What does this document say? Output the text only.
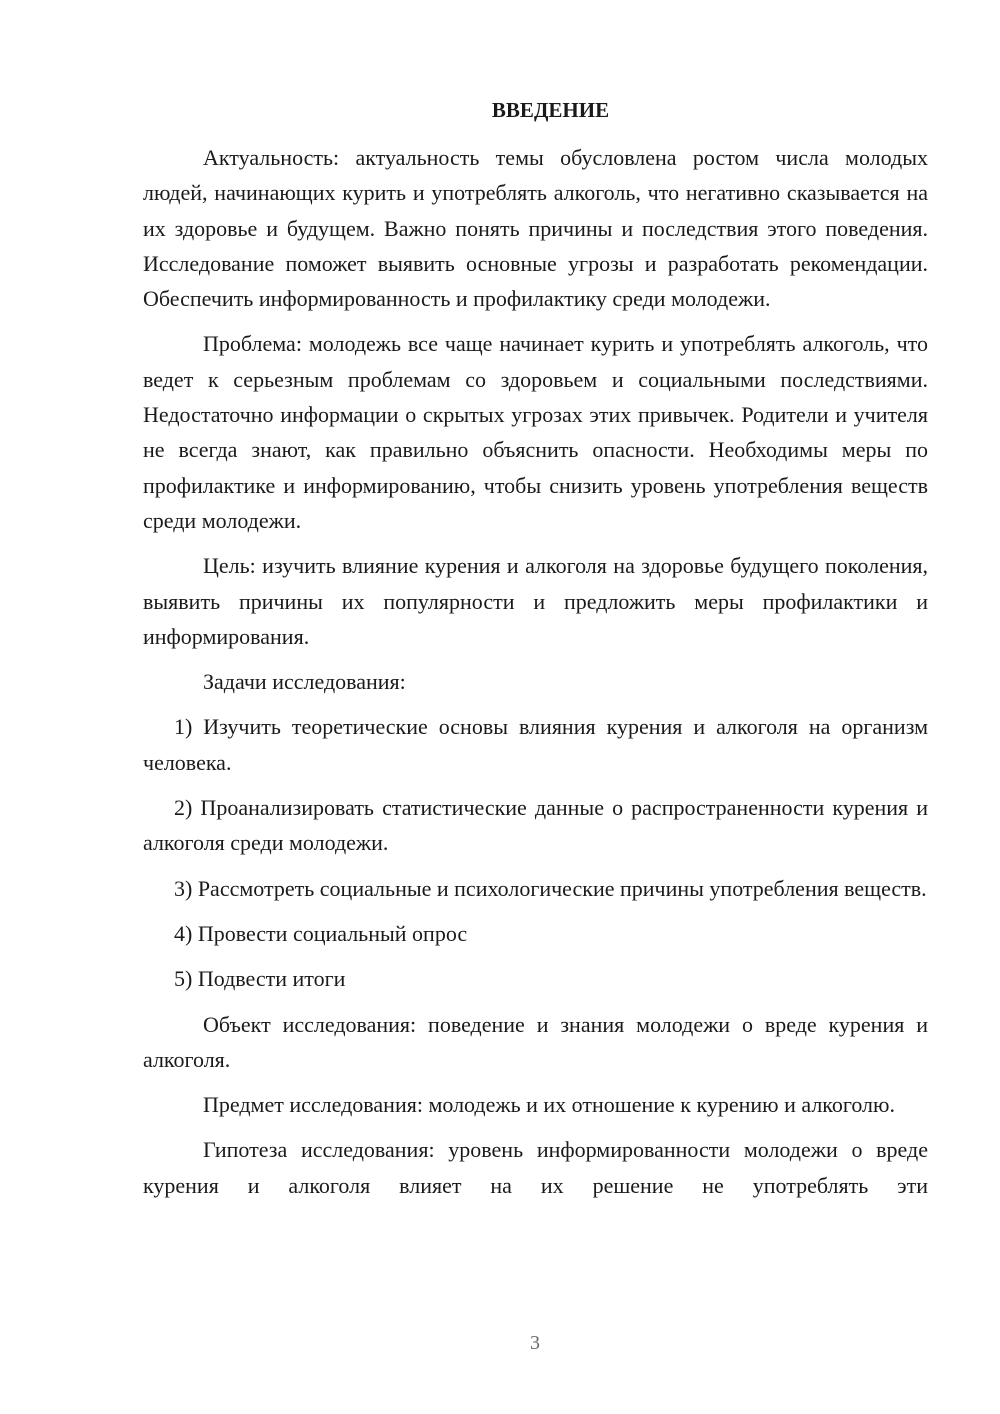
ВВЕДЕНИЕ

Актуальность: актуальность темы обусловлена ростом числа молодых людей, начинающих курить и употреблять алкоголь, что негативно сказывается на их здоровье и будущем. Важно понять причины и последствия этого поведения. Исследование поможет выявить основные угрозы и разработать рекомендации. Обеспечить информированность и профилактику среди молодежи.

Проблема: молодежь все чаще начинает курить и употреблять алкоголь, что ведет к серьезным проблемам со здоровьем и социальными последствиями. Недостаточно информации о скрытых угрозах этих привычек. Родители и учителя не всегда знают, как правильно объяснить опасности. Необходимы меры по профилактике и информированию, чтобы снизить уровень употребления веществ среди молодежи.

Цель: изучить влияние курения и алкоголя на здоровье будущего поколения, выявить причины их популярности и предложить меры профилактики и информирования.

Задачи исследования:

1) Изучить теоретические основы влияния курения и алкоголя на организм человека.

2) Проанализировать статистические данные о распространенности курения и алкоголя среди молодежи.

3) Рассмотреть социальные и психологические причины употребления веществ.

4) Провести социальный опрос

5) Подвести итоги

Объект исследования: поведение и знания молодежи о вреде курения и алкоголя.

Предмет исследования: молодежь и их отношение к курению и алкоголю.

Гипотеза исследования: уровень информированности молодежи о вреде курения и алкоголя влияет на их решение не употреблять эти

3
